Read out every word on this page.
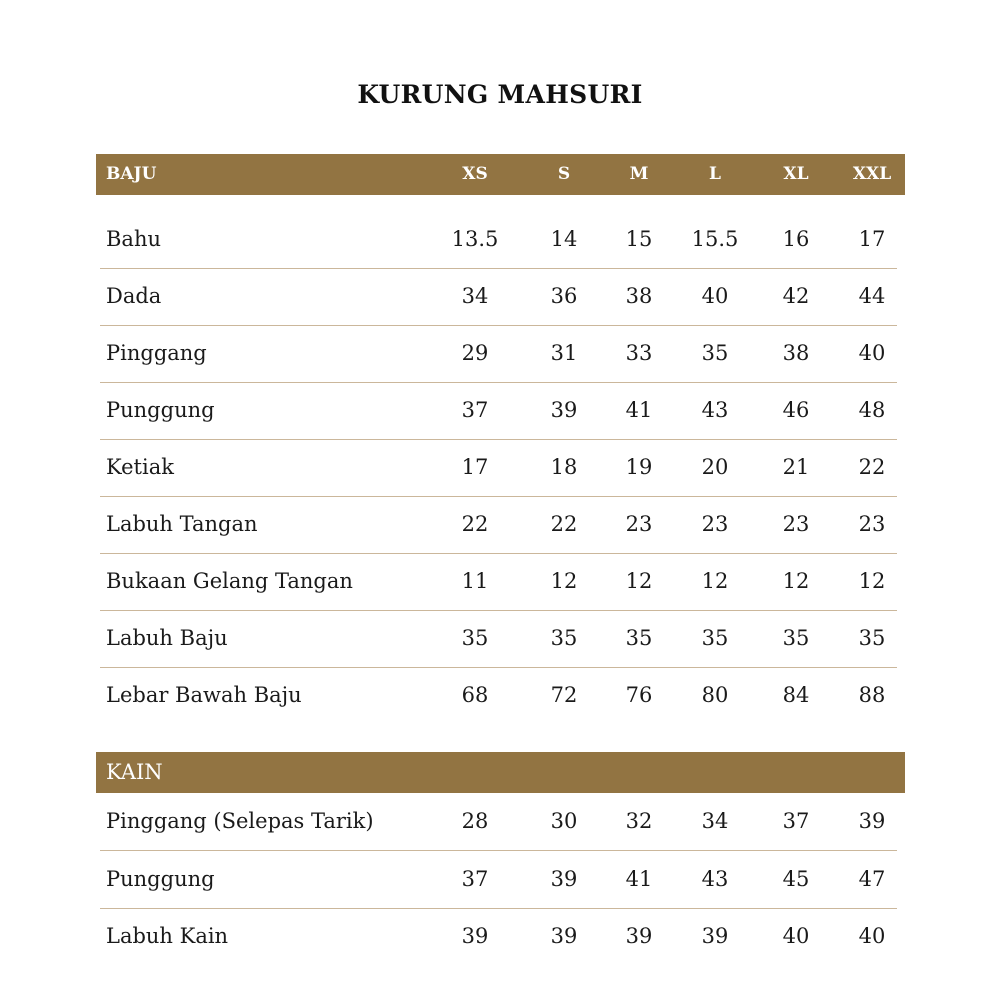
KURUNG MAHSURI
BAJU	XS	S	M	L	XL	XXL
Bahu	13.5	14	15	15.5	16	17
Dada	34	36	38	40	42	44
Pinggang	29	31	33	35	38	40
Punggung	37	39	41	43	46	48
Ketiak	17	18	19	20	21	22
Labuh Tangan	22	22	23	23	23	23
Bukaan Gelang Tangan	11	12	12	12	12	12
Labuh Baju	35	35	35	35	35	35
Lebar Bawah Baju	68	72	76	80	84	88
KAIN
Pinggang (Selepas Tarik)	28	30	32	34	37	39
Punggung	37	39	41	43	45	47
Labuh Kain	39	39	39	39	40	40
